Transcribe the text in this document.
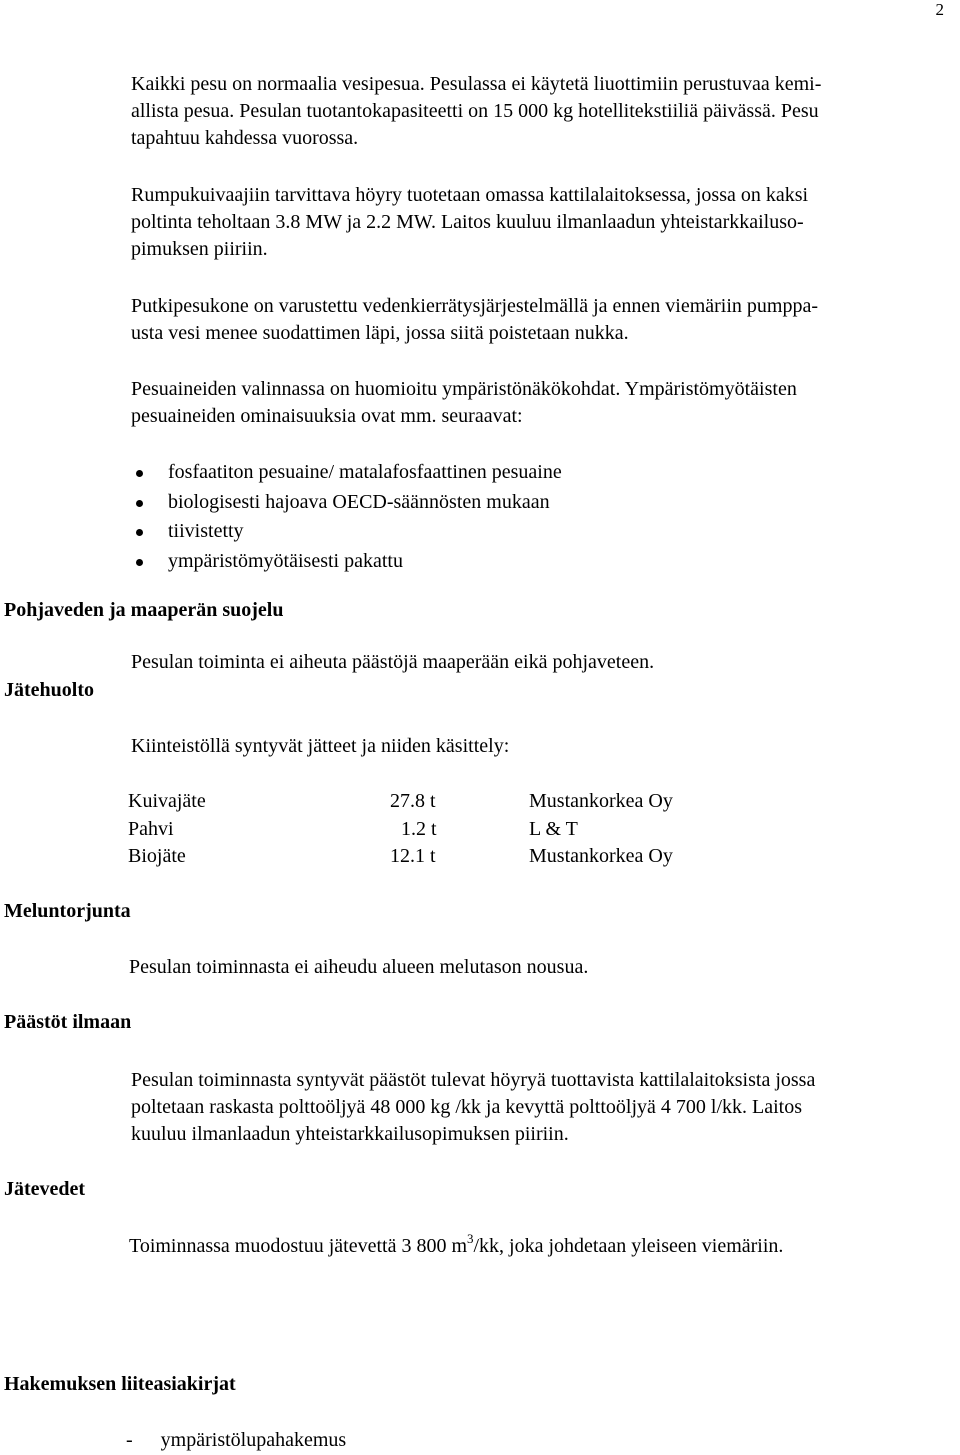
2
Kaikki pesu on normaalia vesipesua. Pesulassa ei käytetä liuottimiin perustuvaa kemi-
allista pesua. Pesulan tuotantokapasiteetti on 15 000 kg hotellitekstiiliä päivässä. Pesu
tapahtuu kahdessa vuorossa.
Rumpukuivaajiin tarvittava höyry tuotetaan omassa kattilalaitoksessa, jossa on kaksi
poltinta teholtaan 3.8 MW ja 2.2 MW. Laitos kuuluu ilmanlaadun yhteistarkkailuso-
pimuksen piiriin.
Putkipesukone on varustettu vedenkierrätysjärjestelmällä ja ennen viemäriin pumppa-
usta vesi menee suodattimen läpi, jossa siitä poistetaan nukka.
Pesuaineiden valinnassa on huomioitu ympäristönäkökohdat. Ympäristömyötäisten
pesuaineiden ominaisuuksia ovat mm. seuraavat:
fosfaatiton pesuaine/ matalafosfaattinen pesuaine
biologisesti hajoava OECD-säännösten mukaan
tiivistetty
ympäristömyötäisesti pakattu
Pohjaveden ja maaperän suojelu
Pesulan toiminta ei aiheuta päästöjä maaperään eikä pohjaveteen.
Jätehuolto
Kiinteistöllä syntyvät jätteet ja niiden käsittely:
Kuivajäte	27.8 t	Mustankorkea Oy
Pahvi	1.2 t	L & T
Biojäte	12.1 t	Mustankorkea Oy
Meluntorjunta
Pesulan toiminnasta ei aiheudu alueen melutason nousua.
Päästöt ilmaan
Pesulan toiminnasta syntyvät päästöt tulevat höyryä tuottavista kattilalaitoksista jossa
poltetaan raskasta polttoöljyä 48 000 kg /kk ja kevyttä polttoöljyä 4 700 l/kk. Laitos
kuuluu ilmanlaadun yhteistarkkailusopimuksen piiriin.
Jätevedet
Toiminnassa muodostuu jätevettä 3 800 $m^3/kk$, joka johdetaan yleiseen viemäriin.
Hakemuksen liiteasiakirjat
- ympäristölupahakemus
